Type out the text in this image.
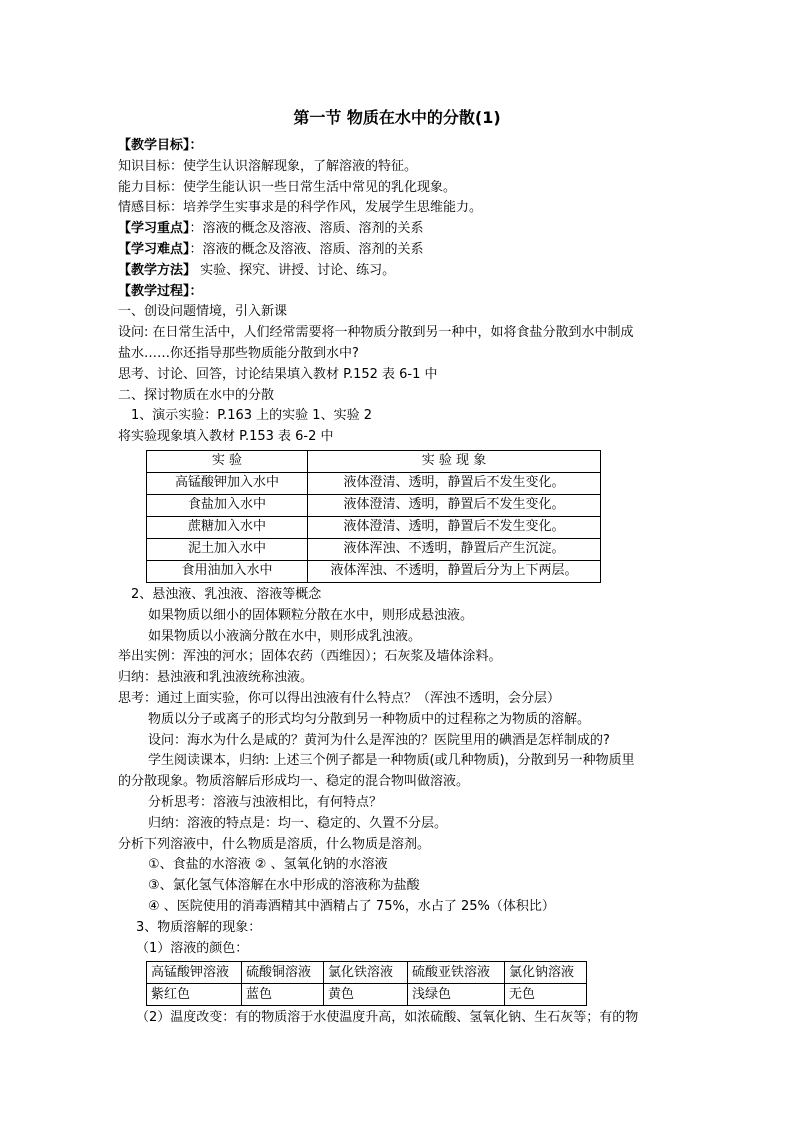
第一节 物质在水中的分散(1)
【教学目标】：
知识目标：使学生认识溶解现象，了解溶液的特征。
能力目标：使学生能认识一些日常生活中常见的乳化现象。
情感目标：培养学生实事求是的科学作风，发展学生思维能力。
【学习重点】：溶液的概念及溶液、溶质、溶剂的关系
【学习难点】：溶液的概念及溶液、溶质、溶剂的关系
【教学方法】 实验、探究、讲授、讨论、练习。
【教学过程】：
一、创设问题情境，引入新课
设问: 在日常生活中，人们经常需要将一种物质分散到另一种中，如将食盐分散到水中制成
盐水……你还指导那些物质能分散到水中?
思考、讨论、回答，讨论结果填入教材 P.152 表 6-1 中
二、探讨物质在水中的分散
1、演示实验：P.163 上的实验 1、实验 2
将实验现象填入教材 P.153 表 6-2 中
实 验	实 验 现 象
高锰酸钾加入水中	液体澄清、透明，静置后不发生变化。
食盐加入水中	液体澄清、透明，静置后不发生变化。
蔗糖加入水中	液体澄清、透明，静置后不发生变化。
泥土加入水中	液体浑浊、不透明，静置后产生沉淀。
食用油加入水中	液体浑浊、不透明，静置后分为上下两层。
2、悬浊液、乳浊液、溶液等概念
如果物质以细小的固体颗粒分散在水中，则形成悬浊液。
如果物质以小液滴分散在水中，则形成乳浊液。
举出实例：浑浊的河水；固体农药（西维因）；石灰浆及墙体涂料。
归纳：悬浊液和乳浊液统称浊液。
思考：通过上面实验，你可以得出浊液有什么特点？（浑浊不透明，会分层）
物质以分子或离子的形式均匀分散到另一种物质中的过程称之为物质的溶解。
设问：海水为什么是咸的？黄河为什么是浑浊的？医院里用的碘酒是怎样制成的?
学生阅读课本，归纳: 上述三个例子都是一种物质(或几种物质)，分散到另一种物质里
的分散现象。物质溶解后形成均一、稳定的混合物叫做溶液。
分析思考：溶液与浊液相比，有何特点？
归纳：溶液的特点是：均一、稳定的、久置不分层。
分析下列溶液中，什么物质是溶质，什么物质是溶剂。
①、食盐的水溶液 ② 、氢氧化钠的水溶液
③、氯化氢气体溶解在水中形成的溶液称为盐酸
④ 、医院使用的消毒酒精其中酒精占了 75%，水占了 25%（体积比）
3、物质溶解的现象：
（1）溶液的颜色：
高锰酸钾溶液	硫酸铜溶液	氯化铁溶液	硫酸亚铁溶液	氯化钠溶液
紫红色	蓝色	黄色	浅绿色	无色
（2）温度改变：有的物质溶于水使温度升高，如浓硫酸、氢氧化钠、生石灰等；有的物
